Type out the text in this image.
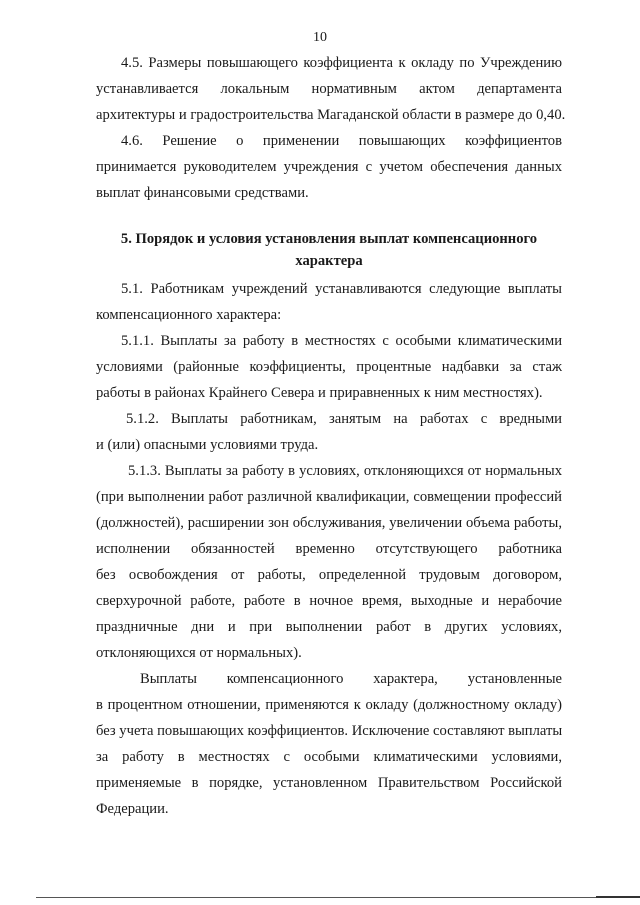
10
4.5. Размеры повышающего коэффициента к окладу по Учреждению
устанавливается локальным нормативным актом департамента
архитектуры и градостроительства Магаданской области в размере до 0,40.
4.6. Решение о применении повышающих коэффициентов
принимается руководителем учреждения с учетом обеспечения данных
выплат финансовыми средствами.
5. Порядок и условия установления выплат компенсационного
характера
5.1. Работникам учреждений устанавливаются следующие выплаты
компенсационного характера:
5.1.1. Выплаты за работу в местностях с особыми климатическими
условиями (районные коэффициенты, процентные надбавки за стаж
работы в районах Крайнего Севера и приравненных к ним местностях).
5.1.2. Выплаты работникам, занятым на работах с вредными
и (или) опасными условиями труда.
5.1.3. Выплаты за работу в условиях, отклоняющихся от нормальных
(при выполнении работ различной квалификации, совмещении профессий
(должностей), расширении зон обслуживания, увеличении объема работы,
исполнении обязанностей временно отсутствующего работника
без освобождения от работы, определенной трудовым договором,
сверхурочной работе, работе в ночное время, выходные и нерабочие
праздничные дни и при выполнении работ в других условиях,
отклоняющихся от нормальных).
Выплаты компенсационного характера, установленные
в процентном отношении, применяются к окладу (должностному окладу)
без учета повышающих коэффициентов. Исключение составляют выплаты
за работу в местностях с особыми климатическими условиями,
применяемые в порядке, установленном Правительством Российской
Федерации.
